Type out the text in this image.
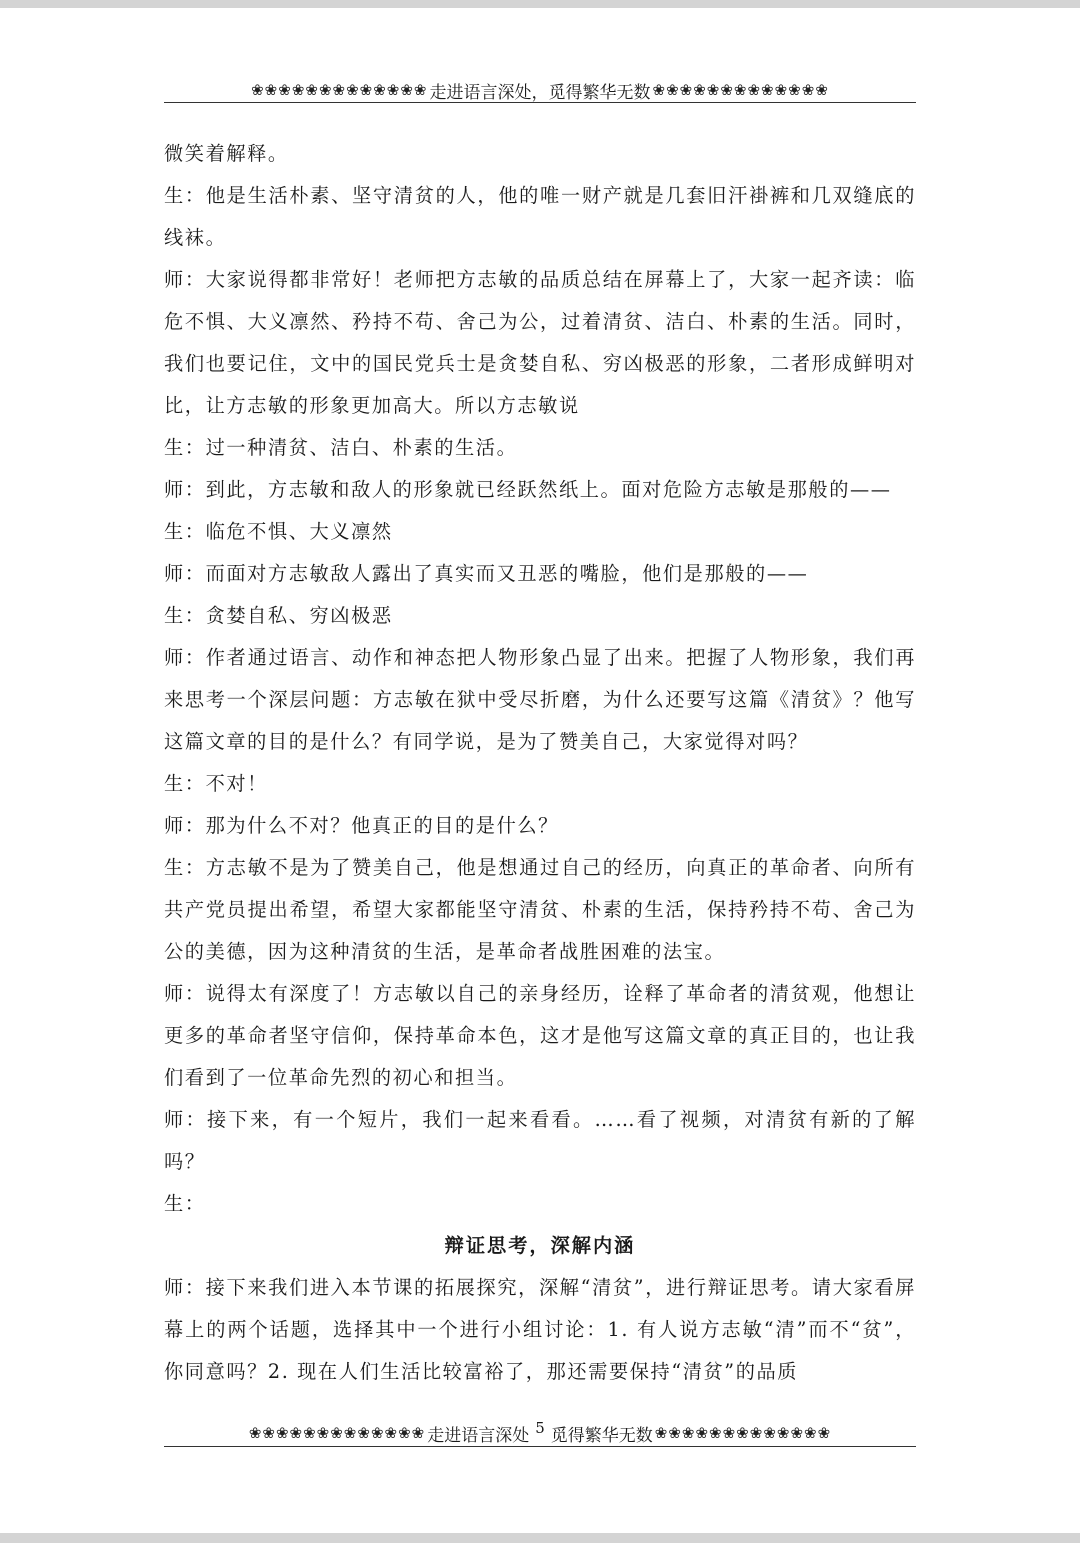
❀❀❀❀❀❀❀❀❀❀❀❀❀ 走进语言深处，觅得繁华无数 ❀❀❀❀❀❀❀❀❀❀❀❀❀

微笑着解释。

生：他是生活朴素、坚守清贫的人，他的唯一财产就是几套旧汗褂裤和几双缝底的线袜。

师：大家说得都非常好！老师把方志敏的品质总结在屏幕上了，大家一起齐读：临危不惧、大义凛然、矜持不苟、舍己为公，过着清贫、洁白、朴素的生活。同时，我们也要记住，文中的国民党兵士是贪婪自私、穷凶极恶的形象，二者形成鲜明对比，让方志敏的形象更加高大。所以方志敏说

生：过一种清贫、洁白、朴素的生活。

师：到此，方志敏和敌人的形象就已经跃然纸上。面对危险方志敏是那般的——

生：临危不惧、大义凛然

师：而面对方志敏敌人露出了真实而又丑恶的嘴脸，他们是那般的——

生：贪婪自私、穷凶极恶

师：作者通过语言、动作和神态把人物形象凸显了出来。把握了人物形象，我们再来思考一个深层问题：方志敏在狱中受尽折磨，为什么还要写这篇《清贫》？他写这篇文章的目的是什么？有同学说，是为了赞美自己，大家觉得对吗？

生：不对！

师：那为什么不对？他真正的目的是什么？

生：方志敏不是为了赞美自己，他是想通过自己的经历，向真正的革命者、向所有共产党员提出希望，希望大家都能坚守清贫、朴素的生活，保持矜持不苟、舍己为公的美德，因为这种清贫的生活，是革命者战胜困难的法宝。

师：说得太有深度了！方志敏以自己的亲身经历，诠释了革命者的清贫观，他想让更多的革命者坚守信仰，保持革命本色，这才是他写这篇文章的真正目的，也让我们看到了一位革命先烈的初心和担当。

师：接下来，有一个短片，我们一起来看看。……看了视频，对清贫有新的了解吗？

生：

辩证思考，深解内涵

师：接下来我们进入本节课的拓展探究，深解“清贫”，进行辩证思考。请大家看屏幕上的两个话题，选择其中一个进行小组讨论：1. 有人说方志敏“清”而不“贫”，你同意吗？2. 现在人们生活比较富裕了，那还需要保持“清贫”的品质

❀❀❀❀❀❀❀❀❀❀❀❀❀ 走进语言深处 5 觅得繁华无数 ❀❀❀❀❀❀❀❀❀❀❀❀❀
